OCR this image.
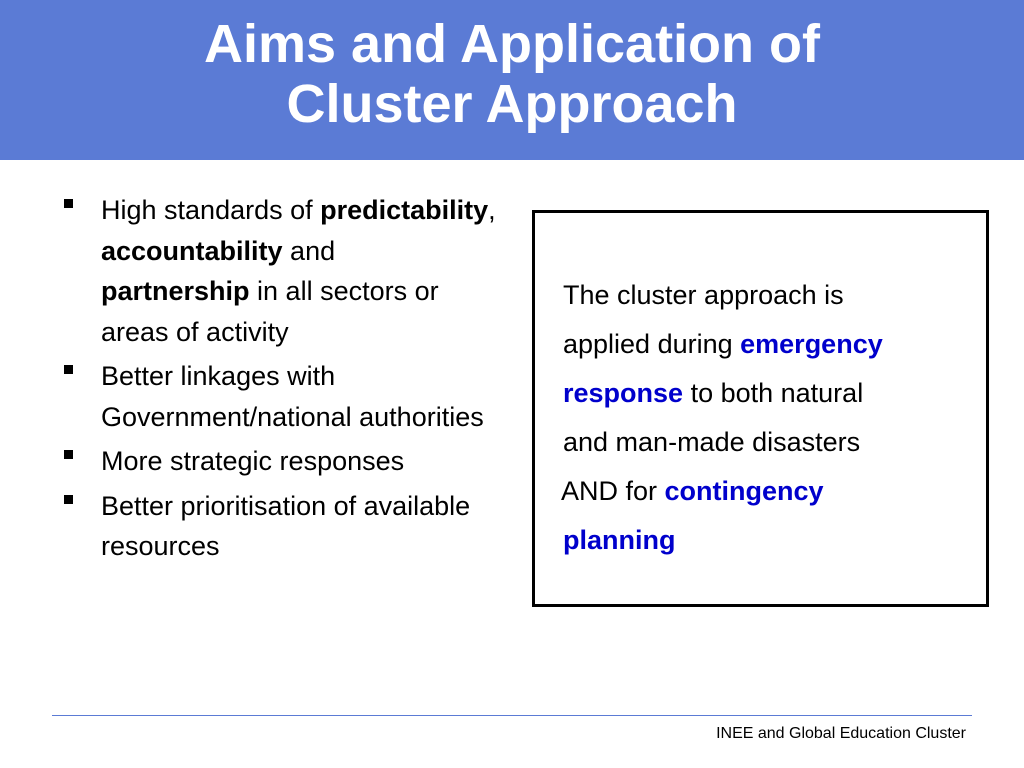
Aims and Application of
Cluster Approach
High standards of predictability,
accountability and
partnership in all sectors or areas of activity
Better linkages with Government/national authorities
More strategic responses
Better prioritisation of available resources
The cluster approach is
applied during emergency
response to both natural
and man-made disasters
AND for contingency
planning
INEE and Global Education Cluster
